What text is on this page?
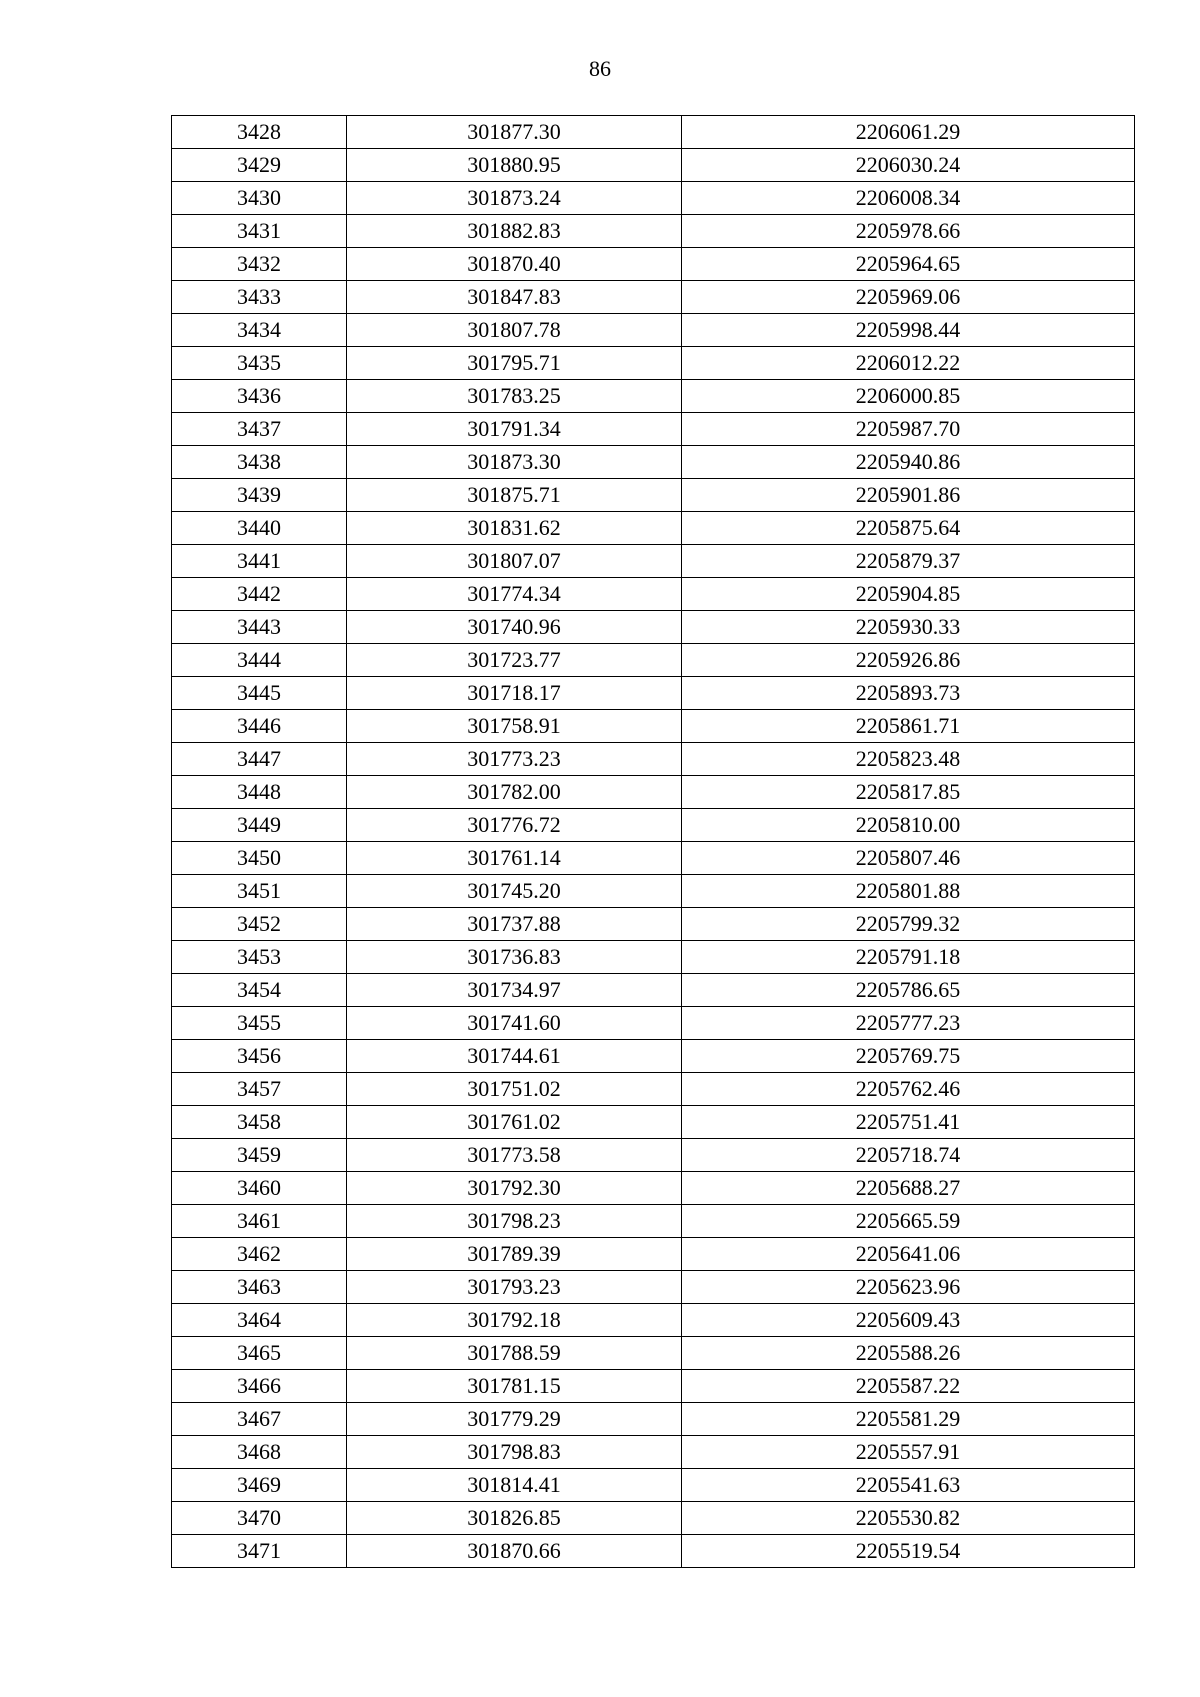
86
3428	301877.30	2206061.29
3429	301880.95	2206030.24
3430	301873.24	2206008.34
3431	301882.83	2205978.66
3432	301870.40	2205964.65
3433	301847.83	2205969.06
3434	301807.78	2205998.44
3435	301795.71	2206012.22
3436	301783.25	2206000.85
3437	301791.34	2205987.70
3438	301873.30	2205940.86
3439	301875.71	2205901.86
3440	301831.62	2205875.64
3441	301807.07	2205879.37
3442	301774.34	2205904.85
3443	301740.96	2205930.33
3444	301723.77	2205926.86
3445	301718.17	2205893.73
3446	301758.91	2205861.71
3447	301773.23	2205823.48
3448	301782.00	2205817.85
3449	301776.72	2205810.00
3450	301761.14	2205807.46
3451	301745.20	2205801.88
3452	301737.88	2205799.32
3453	301736.83	2205791.18
3454	301734.97	2205786.65
3455	301741.60	2205777.23
3456	301744.61	2205769.75
3457	301751.02	2205762.46
3458	301761.02	2205751.41
3459	301773.58	2205718.74
3460	301792.30	2205688.27
3461	301798.23	2205665.59
3462	301789.39	2205641.06
3463	301793.23	2205623.96
3464	301792.18	2205609.43
3465	301788.59	2205588.26
3466	301781.15	2205587.22
3467	301779.29	2205581.29
3468	301798.83	2205557.91
3469	301814.41	2205541.63
3470	301826.85	2205530.82
3471	301870.66	2205519.54
